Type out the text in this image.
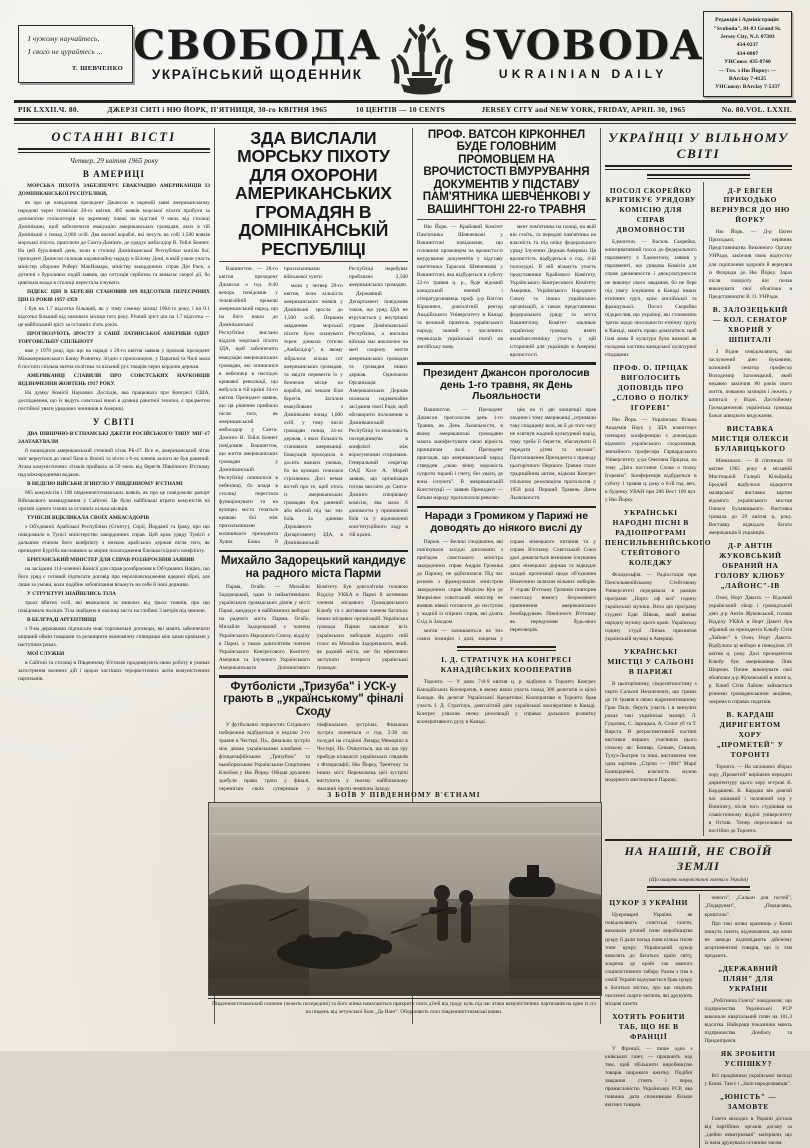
І чужому научайтесь,
І свого не цурайтесь ...
Т. ШЕВЧЕНКО СВОБОДА
УКРАЇНСЬКИЙ ЩОДЕННИК
SVOBODA
UKRAINIAN DAILY
Редакція і Адміністрація:
"Svoboda", 81-83 Grand St.
Jersey City, N.J. 07303
434-0237
434-0807
УНСоюз: 435-8740
— Тел. з Ню Йорку: —
BArсlay 7-4125
УНСоюзу: BArclay 7-5337
РІК LXXII. Ч. 80.	ДЖЕРЗІ СИТІ і НЮ ЙОРК, П'ЯТНИЦЯ, 30-го КВІТНЯ 1965	10 ЦЕНТІВ — 10 CENTS	JERSEY CITY and NEW YORK, FRIDAY, APRIL 30, 1965	No. 80. VOL. LXXII.
ОСТАННІ ВІСТІ
Четвер, 29 квітня 1965 року
В АМЕРИЦІ

МОРСЬКА ПІХОТА ЗАБЕЗПЕЧУЄ ЕВАКУАЦІЮ АМЕРИКАНЦІВ ІЗ ДОМІНІКАНСЬКОЇ РЕСПУБЛІКИ,

як про це повідомив президент Джансон в окремій заяві американському народові через телевізію 28-го квітня. 405 вояків морської піхоти прибули за допомогою гелікоптерів на окремому пляжі на відстані 9 миль від столиці Домінікани, щоб забезпечити евакуацію американських громадян, яких в тій Домінікані є понад 2,000 осіб. Два воєнні кораблі, які несуть на собі 1,500 вояків морської піхоти, приплили до Санта-Домінго, де урядує амбасадор В. Тейлі Беннет. На цей бурхливий день, коли в столиці Домініканської Республіки кипіли бої, президент Джансон скликав надзвичайну нараду в Білому Домі, в якій узяли участь міністер оборони Роберт МакНамара, міністер закордонних справ Дін Раск, а дотичні з бурхливих подій заявив, що ситуація серйозна та вимагає скорої дії, бо цивільна влада в столиці перестала існувати.

ІНДЕКС ЦІН В БЕРЕЗНІ СТАНОВИВ 109 ВІДСОТКІВ ПЕРЕСІЧНИХ ЦІН ІЗ РОКІВ 1957-1959

і був на 1.7 відсотка більший, як у тому самому місяці 1964-го року, і на 0.1 відсотка більший від зимового місяця того року. Річний зріст цін на 1.7 відсотка — це найбільший зріст за останніх п'ять років.

ПРОГНОЗУЮТЬ ЗРОСТУ З САНІЇ ЛАТИНСЬКОЇ АМЕРИКИ ОДНУ ТОРГОВЕЛЬНУ СПІЛЬНОТУ

вже у 1970 році, про що на нараді з 28-го квітня заявив у промові президент Міжамериканського Банку Розвитку. Згідно з пропозицією, у Парагваї та Чилі мала б постати спільна митна політика та вільний рух товарів через кордони держав.

АМЕРИКАНЦІ СЛАВИЛИ ПРО СОВЄТСЬКИХ НАУКОВЦІВ ВІДЗНАЧЕННЯ ЖОВТЕНЬ 1917 РОКУ.

На думку Комісії Наукових Дослідів, яка працювала при Конгресі США, дослідження, що їх ведуть совєтські вчені в ділянці ракетної техніки, є предметом постійної уваги урядових чинників в Америці.

У СВІТІ

ДВА ПІВНІЧНО-В'ЄТНАМСЬКІ ДЖЕТИ РОСІЙСЬКОГО ТИПУ МІГ-17 ЗААТАКУВАЛИ

й пошкодили американський стежний літак РБ-47. Все ж, американський літак зміг вернутися до своєї бази в Японії та ніхто з 6-ох членів залоги не був ранений. Атака комуністичних літаків прийшла за 50 миль від берегів Північного В'єтнаму над міжнародними водами.

В НЕДІЛЮ ВІЙСЬКИ ЗГИНУЛО У ПІВДЕННОМУ В'ЄТНАМІ

665 комуністів і 198 південнов'єтнамських вояків, як про це повідомляє рапорт Військового командування у Сайгоні. Це були найбільші втрати комуністів на протязі одного тижня за останніх кілька місяців.

ТУНІСІЯ ВІДКЛИКАЛА СВОЇХ АМБАСАДОРІВ

з Об'єднаної Арабської Республіки (Єгипту), Сирії, Йорданії та Іраку, про що повідомило в Тунісі міністерство закордонних справ. Цей крок уряду Тунісії є дальшим етапом його конфлікту з низкою арабських держав після того, як президент Бургіба висловився за мирне полагодження близькосхідного конфлікту.

БРИТАНСЬКИЙ МІНІСТЕР ДЛЯ СПРАВ РОЗЗБРОЄННЯ ЗАЯВИВ

на засіданні 114-членної Комісії для справ роззброєння в Об'єднаних Націях, що його уряд є готовий підписати договір про нерозповсюдження ядерної зброї, але лише за умови, коли подібне зобов'язання візьмуть на себе й інші держави.

У СТРУКТУРІ ЗНАЙШЛИСЬ ТІЛА

трьох вбитих осіб, які вважалися за зниклих від трьох тижнів, про що повідомила поліція. Тіла знайдено в околиці міста на глибині 3 метрів під землею.

В БЕЛГРАДІ АРГЕНТИНЦІ

з 9-ма державами підписали нові торговельні договори, які мають забезпечити ширший обмін товарами та розширити економічну співпрацю між цими країнами у наступних роках.

МОЇ СЛУЖБИ

в Сайгоні та столиці в Південному В'єтнамі продовжують свою роботу в умовах загострення воєнних дій і щораз частіших терористичних актів комуністичних партизанів.

ЗДА ВИСЛАЛИ МОРСЬКУ ПІХОТУ ДЛЯ ОХОРОНИ АМЕРИКАНСЬКИХ ГРОМАДЯН В ДОМІНІКАНСЬКІЙ РЕСПУБЛІЦІ

Вашингтон. — 28-го квітня президент Джансон о год. 8:40 вечора повідомив у телевізійній промові американський народ, що на його наказ до Домініканської Республіки вислано відділи морської піхоти ЗДА, щоб забезпечити евакуацію американських громадян, які опинилися в небезпеці в наслідок кривавої революції, що вибухла в тій країні 24-го квітня. Президент заявив, що ця рішення прийшло після того, як американський амбасадор у Санта-Домінго В. Тейлі Беннет повідомив Вашингтон, що життя американських громадян у Домініканській Республіці опинилося в небезпеці, бо влада в столиці перестала функціонувати та на вулицях міста точаться криваві бої між прихильниками колишнього президента Хуана Боша й прихильниками військової хунти.

мали у четвер 29-го квітня, коли кількість американських вояків у Домінікані зросла до 1,500 осіб. Першим завданням морської піхоти було опанувати терен довкола готелю „Амбасадор", в якому зібралося кілька сот американських громадян, та звідти перевезти їх у безпечне місце на кораблі, які чекали біля берегів. Загалом евакуйовано з Домінікани понад 1,000 осіб, у тому числі громадян понад 24-ох держав, з яких більшість становили американці. Евакуація проходила в досить важких умовах, бо на вулицях точилася стрілянина. Досі немає вістей про те, щоб хтось із американських громадян був ранений або вбитий під час тих боїв. За даними Державного Департаменту ЗДА, в Домініканській Республіці перебуває приблизно 2,500 американських громадян.

Державний Департамент повідомив також, що уряд ЗДА не втручається у внутрішні справи Домініканської Республіки, а висилка війська має виключно на меті охорону життя американських громадян та громадян інших держав. Одночасно Організація Американських Держав скликала надзвичайне засідання своєї Ради, щоб обговорити положення в Домініканській Республіці та можливість посередництва в конфлікті між ворогуючими сторонами. Генеральний секретар ОАД Хосе А. Морей заявив, що організація готова вислати до Санта-Домінго спеціяльну комісію, яка мала б допомогти у припиненні боїв та у відновленні конституційного ладу в тій країні.

Михайло Задорецький кандидує на радного міста Парми

Парма, Огайо. — Михайло Задорецький, один із найактивніших українських громадських діячів у місті Пармі, кандидує в найближчих виборах на радного міста Парми, Огайо. Михайло Задорецький є членом Українського Народного Союзу, відділу в Пармі, а також довголітнім членом Українського Конгресового Комітету Америки та Злученого Українського Американського Допомогового Комітету. Був довголітнім головою Відділу УККА в Пармі й активним членом місцевого Громадянського Клюбу та є активним членом багатьох інших місцевих організацій. Українська громада Парми закликає всіх українських виборців віддати свій голос на Михайла Задорецького, який, як радний міста, міг би ефективно заступати інтереси української громади.

Футболісти „Тризуба" і УСК-у грають в „українському" фіналі Сходу

У футбольних першостях Східнього побережжя відбудеться в неділю 2-го травня в Честері, Па., фінальна зустріч між двома українськими клюбами — філядельфійським „Тризубом" та ньюйоркським Українським Спортовим Клюбом у Ню Йорку. Обидві дружини здобули право грати у фіналі, перемігши своїх суперників у півфінальних зустрічах. Фінальна зустріч почнеться о год. 2:30 по полудні на стадіоні Ленард Мемоpіял в Честері, Па. Очікується, що на цю гру прибуде кількасот українських глядачів з Філядельфії, Ню Йорку, Трентону та інших міст. Переможець цієї зустрічі виступить у своєму найближчому змаганні проти чемпіона Заходу.

ПРОФ. ВАТСОН КІРКОННЕЛ БУДЕ ГОЛОВНИМ ПРОМОВЦЕМ НА ВРОЧИСТОСТІ ВМУРУВАННЯ ДОКУМЕНТІВ У ПІДСТАВУ ПАМ'ЯТНИКА ШЕВЧЕНКОВІ У ВАШИНГТОНІ 22-го ТРАВНЯ

Ню Йорк. — Крайовий Комітет Пам'ятника Шевченкові у Вашингтоні повідомляє, що головним промовцем на врочистості вмурування документів у підставу пам'ятника Тарасові Шевченкові у Вашингтоні, яка відбудеться в суботу 22-го травня ц. р., буде відомий канадський вчений і літературознавець проф. д-р Ватсон Кірконнел, довголітній ректор Акадійського Університету в Канаді та великий приятель українського народу, знаний з численних перекладів української поезії на англійську мову.

мент пам'ятника на площі, на якій він стоїть, та передачі пам'ятника на власність та під опіку федерального уряду Злучених Держав Америки. Ця врочистість відбудеться о год. 4-ій пополудні. В ній візьмуть участь представники Крайового Комітету, Українського Конгресового Комітету Америки, Українського Народного Союзу та інших українських організацій, а також представники федерального уряду та міста Вашингтону. Комітет закликає українську громаду взяти якнайчисленнішу участь у цій історичній для українців в Америці врочистості.

Президент Джансон проголосив день 1-го травня, як День Льояльности

Вашингтон. — Президент Джансон проголосив день 1-го Травня, як День Льояльности, в якому американські громадяни мають маніфестувати свою вірність принципам волі. Президент пригадав, що американський народ ствердив „свою вічну ворожість супроти тиранії і гнету, без уваги, де вона існують". В американській Конституції — заявив Президент — батьки народу проголосили револю-

цію на ті дві концепції прав людини і тому американці „отримали таку спадщину волі, як її до того часу не осягнув жадний культурний нарід, тому треба її берегти, збагачувати й передати дітям та внукам". Проголошення Президента з приводу цьогорічного Першого Травня стало традиційним актом, відколи Конгрес спільною резолюцією проголосив у 1958 році Перший Травень Днем Льояльности.

Наради з Громиком у Парижі не доводять до ніякого вислі ду

Париж. — Великі сподівання, які пов'язували західні дипломати з приїздом совєтського міністра закордонних справ Андрія Громика до Парижу, не здійснилися. Під час розмов з французьким міністром закордонних справ Морісом Кув де Мюрвілем совєтський міністер не виявив ніякої готовости до поступок у жадній із спірних справ, які ділять Схід із Заходом.

могли — залишаються на тих самих позиціях і далі, зокрема у справі німецького питання та у справі В'єтнаму. Совєтський Союз далі домагається визнання існування двох німецьких держав та відкидає західні пропозиції щодо об'єднання Німеччини шляхом вільних виборів. У справі В'єтнаму Громико повторив совєтську вимогу безумовного припинення американських бомбардувань Північного В'єтнаму як передумови будь-яких переговорів.

І. Д. СТРАТІЧУК НА КОНГРЕСІ КАНАДІЙСЬКИХ КООПЕРАТИВ

Торонто. — У днях 7-8-9 квітня ц. р. відбувся в Торонто Конгрес Канадійських Кооператив, в якому взяло участь понад 300 делегатів із цілої Канади. Як делегат Української Кредитової Кооперативи в Торонто брав участь І. Д. Стратічук, довголітній діяч української кооперативи в Канаді. Конгрес ухвалив низку резолюцій у справах дальшого розвитку кооперативного руху в Канаді.

УКРАЇНЦІ У ВІЛЬНОМУ СВІТІ
ПОСОЛ СКОРЕЙКО КРИТИКУЄ УРЯДОВУ КОМІСІЮ ДЛЯ СПРАВ ДВОМОВНОСТИ

Едмонтон. — Василь Скорейко, консервативний посол до федерального парляменту з Едмонтону, заявив у парляменті, що урядова Комісія для справ двомовности і двокультурности не виконує свого завдання, бо не бере під увагу існування в Канаді інших етнічних груп, крім англійської та французької. Посол Скорейко підкреслив, що українці, які становлять третю щодо чисельности етнічну групу в Канаді, мають право домагатися, щоб їхня мова й культура були визнані як складова частина канадської культурної спадщини.

ПРОФ. О. ПРІЦАК ВИГОЛОСИТЬ ДОПОВІДЬ ПРО „СЛОВО О ПОЛКУ ІГОРЕВІ"

Ню Йорк. — Українська Вільна Академія Наук у ЗДА влаштовує пленарну конференцію з доповіддю відомого українського сходознавця, звичайного професора Гарвардського Університету д-ра Омеляна Пріцака, на тему „Дата постання Слова о полку Ігоревім". Конференція відбудеться в суботу 1 травня ц. року о 6-ій год. веч., в будинку УВАН при 206 Вест 100 вул. у Ню Йорку.

УКРАЇНСЬКІ НАРОДНІ ПІСНІ В РАДІОПРОГРАМІ ПЕНСИЛЬВЕНІЙСЬКОГО СТЕЙТОВОГО КОЛЕДЖУ

Філядельфія. — Радіостація при Пенсильвенійському Стейтовому Університеті передавала в рамцях програми „Портс оф кол" годину української музики. Вело цю програму студент Едві Швчак, який вивчає народну музику цього краю. Українську годину студії Лінчак присвятив українській музиці в Америці.

УКРАЇНСЬКІ МИСТЦІ У САЛЬОНІ В ПАРИЖІ

В цьогорічному, сімдесятшостому з черги Сальоні Незалежних, що триває до 16 травня в свіжо відремонтованому Гран Палє, беруть участь і в минулих роках такі українські малярі: Л. Гуцалюк, С. Зарицька, А. Солог уб та Т. Вирста. В ретроспективній частині виставки перших учасників цього сальону як: Боннар, Сеньяк, Синьяк, Тулуз-Льотрек та інші, виставлена теж одна картина „Стріча — 1884" Марії Башкірцевої, власність музею модерного мистецтва в Парижі.

Д-Р ЕВГЕН ПРИХОДЬКО ВЕРНУВСЯ ДО НЮ ЙОРКУ

Ню Йорк. — Д-р Евген Приходько, керівник Представництва Виконного Органу УНРади, закінчив свою відпустку для скріплення здоров'я й вернувся із Флориди до Ню Йорку. Зараз після повороту він почав виконувати свої обов'язки в Представництві В. О. УНРади.

В. ЗАЛОЗЕЦЬКИЙ — КОЛ. СЕНАТОР ХВОРИЙ У ШПИТАЛІ

З Відня повідомляють, що заслужений діяч Буковини, колишній сенатор професор Володимир Залозецький, який недавно закінчив 80 років свого життя, поважно захворів і лежить у шпиталі у Відні. Достойному Громадянинові українська громада бажає швидкого видужання.

ВИСТАВКА МИСТЦЯ ОЛЕКСИ БУЛАВИЦЬКОГО

Мінеаполіс. — В п'ятницю 16 квітня 1965 року в місцевій Мистецькій Галерії Кільбрайд Бредлей відбулося відкриття малярської виставки картин відомого українського мистця Олекси Булавицького. Виставка тривала до 29 квітня ц. року. Виставку відвідало багато американців й українців.

Д-Р АНТІН ЖУКОВСЬКИЙ ОБРАНИЙ НА ГОЛОВУ КЛЮБУ „ЛАЙОНС"-ІВ

Озон, Норт Дакота. — Відомий український лікар і громадський діяч д-р Антін Жуковський, голова Відділу УККА в Норт Дакоті був обраний на президента Клюбу Сітія „Лайонс" в Озон, Норт Дакота. Відбулися ці вибори в понеділок 19 квітня ц. року. Досі президентом Клюбу був американець Лінк Шорман. Почне виконувати свої обов'язки д-р Жуковський в липні ц. р. Клюб Сітія Лайонс займається різними громадянськими акціями, зокрема в справах податків.

В. КАРДАШ ДИРИГЕНТОМ ХОРУ „ПРОМЕТЕЙ" У ТОРОНТІ

Торонто. — На загальних зборах хору „Прометей" вирішено передати диригентуру цього хору м-грові В. Кардашеві. В. Кардаш вів довгий час мішаний і чоловічий хор у Вінніпегу, після того студіював на славістичному відділі університету в Оттаві. Тепер переселився на постійно до Торонта.

НА НАШІЙ, НЕ СВОЇЙ ЗЕМЛІ
(Що пишуть комуністичні газети в Україні)
ЦУКОР З УКРАЇНИ

Цукроварні України, як повідомляють совєтські газети, виконали річний плян виробництва цукру й дали понад плян кілька тисяч тонн цукру. Український цукор вивозять до багатьох країн світу, зокрема до країн так званого соціялістичного табору. Разом з тим в самій Україні відчувається брак цукру в багатьох містах, про що свідчать численні скарги читачів, які друкують місцеві газети.

ХОТЯТЬ РОБИТИ ТАБ, ЩО НЕ В ФРАНЦІЇ

У Франції, — пише одна з київських газет, — працюють над тим, щоб збільшити виробництво товарів широкого вжитку. Подібні завдання стоять і перед промисловістю Української РСР, яка повинна дати споживачам більше якісних товарів.

ченого", „Сальон для гостей", „Подарунки", „Порцеляна, кришталь".

Про такі назви крамниць у Києві пишуть газети, відзначаючи, що вони не завжди відповідають дійсному асортиментові товарів, що їх там продають.

„ДЕРЖАВНИЙ ПЛЯН" ДЛЯ УКРАЇНИ

„Робітнича Газета" повідомляє, що підприємства Української РСР виконали квартальний плян на 101,3 відсотка. Найкращі показники мають підприємства Донбасу та Придніпров'я.

ЯК ЗРОБИТИ УСПІШКУ?

Всі працівники української молоді у Києві. Там є і „Зали народознавців".

„ЮНІСТЬ" — ЗАМОВТЕ

Газета молодих в Україні дістала від партійних органів догану за „ідейно невитримані" матеріяли, що їх вона друкувала останнім часом.

З БОЇВ У ПІВДЕННОМУ В'ЄТНАМІ
Південнов'єтнамський селянин (лежить посередині) та його жінка намагаються прикрити своїх дітей від граду куль під час атаки комуністичних партизанів на одно із сіл на південь від летунської бази „Да Нанґ". Обороняють село південнов'єтнамські вояки.
